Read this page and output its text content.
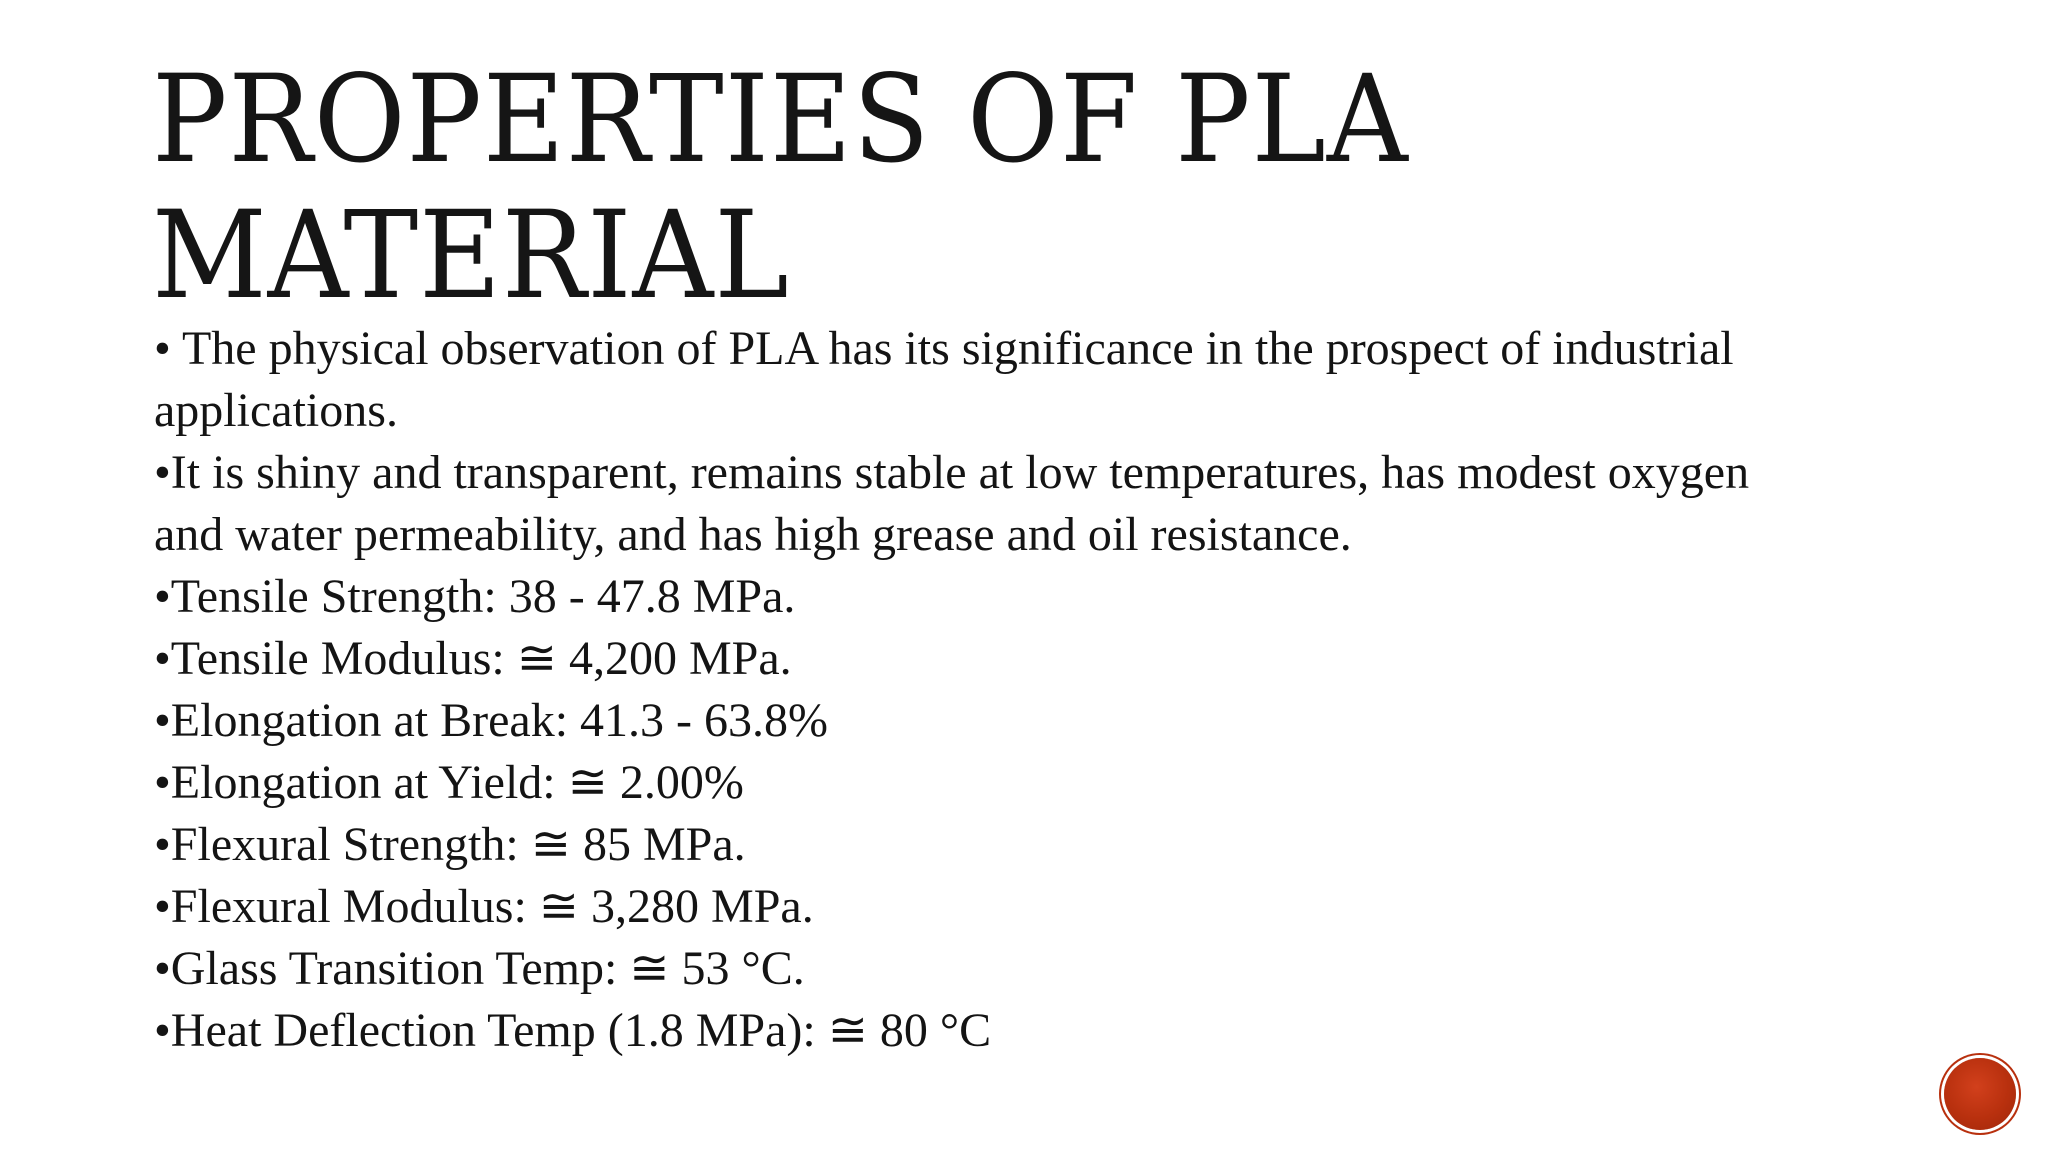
PROPERTIES OF PLA
MATERIAL

• The physical observation of PLA has its significance in the prospect of industrial applications.

•It is shiny and transparent, remains stable at low temperatures, has modest oxygen and water permeability, and has high grease and oil resistance.

•Tensile Strength: 38 - 47.8 MPa.

•Tensile Modulus: ≅ 4,200 MPa.

•Elongation at Break: 41.3 - 63.8%

•Elongation at Yield: ≅ 2.00%

•Flexural Strength: ≅ 85 MPa.

•Flexural Modulus: ≅ 3,280 MPa.

•Glass Transition Temp: ≅ 53 °C.

•Heat Deflection Temp (1.8 MPa): ≅ 80 °C
